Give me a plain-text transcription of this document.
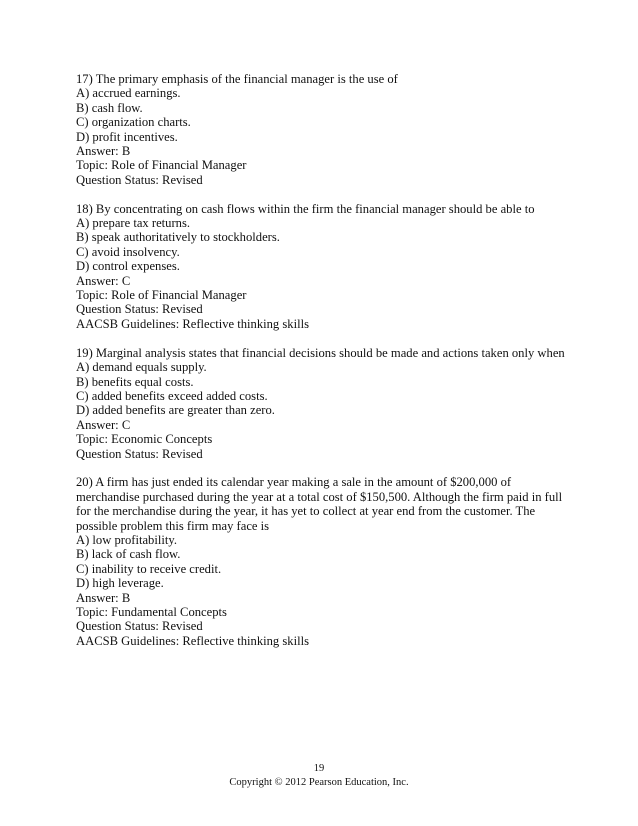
17) The primary emphasis of the financial manager is the use of
A) accrued earnings.
B) cash flow.
C) organization charts.
D) profit incentives.
Answer: B
Topic: Role of Financial Manager
Question Status: Revised
18) By concentrating on cash flows within the firm the financial manager should be able to
A) prepare tax returns.
B) speak authoritatively to stockholders.
C) avoid insolvency.
D) control expenses.
Answer: C
Topic: Role of Financial Manager
Question Status: Revised
AACSB Guidelines: Reflective thinking skills
19) Marginal analysis states that financial decisions should be made and actions taken only when
A) demand equals supply.
B) benefits equal costs.
C) added benefits exceed added costs.
D) added benefits are greater than zero.
Answer: C
Topic: Economic Concepts
Question Status: Revised
20) A firm has just ended its calendar year making a sale in the amount of $200,000 of
merchandise purchased during the year at a total cost of $150,500. Although the firm paid in full
for the merchandise during the year, it has yet to collect at year end from the customer. The
possible problem this firm may face is
A) low profitability.
B) lack of cash flow.
C) inability to receive credit.
D) high leverage.
Answer: B
Topic: Fundamental Concepts
Question Status: Revised
AACSB Guidelines: Reflective thinking skills
19
Copyright © 2012 Pearson Education, Inc.
